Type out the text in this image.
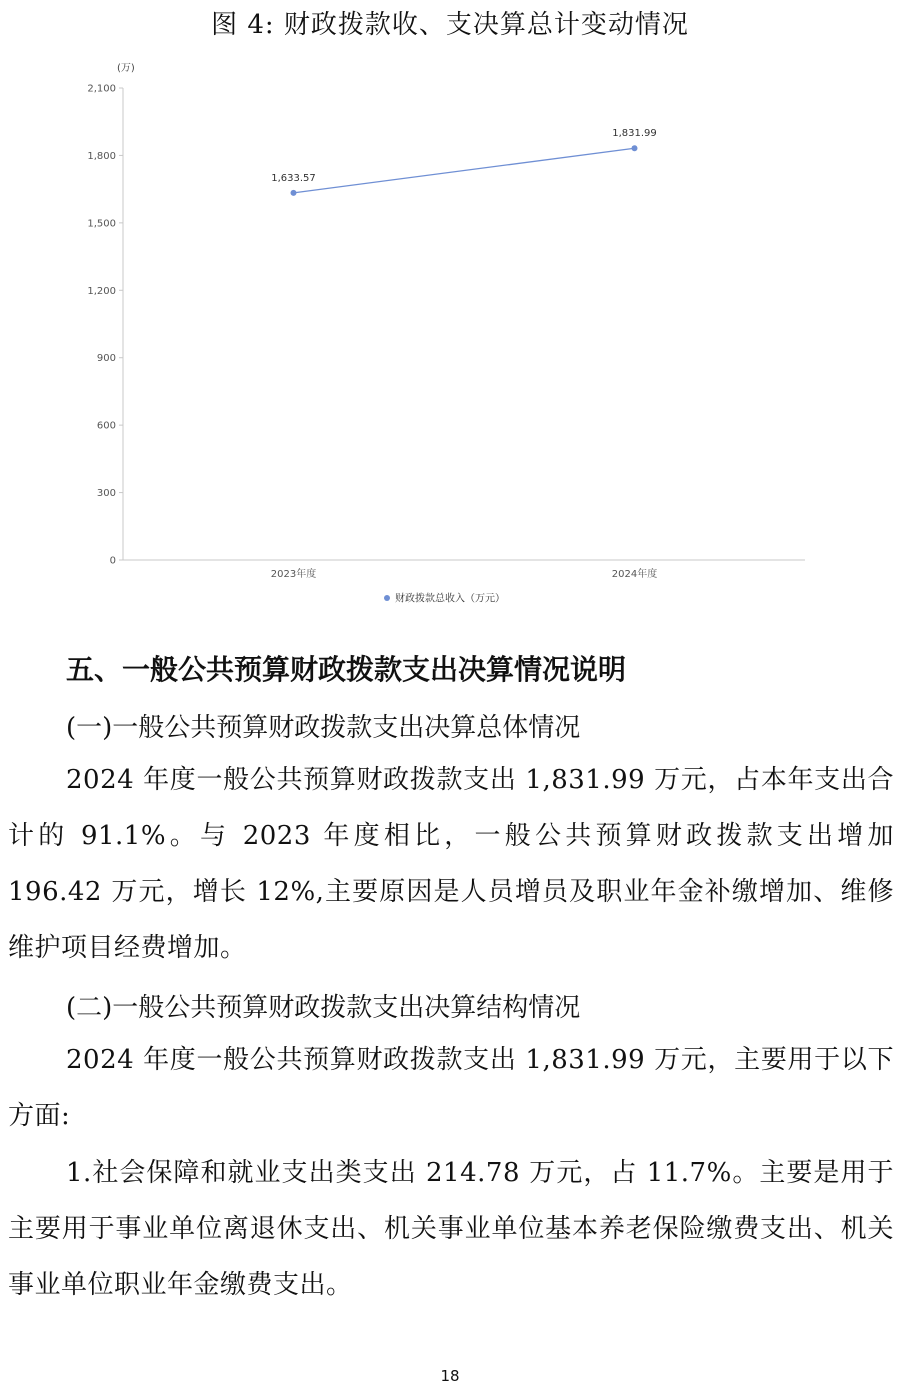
图 4: 财政拨款收、支决算总计变动情况
(万)
0
300
600
900
1,200
1,500
1,800
2,100
2023年度	2024年度
1,633.57
1,831.99
财政拨款总收入（万元）
五、一般公共预算财政拨款支出决算情况说明
(一)一般公共预算财政拨款支出决算总体情况

2024 年度一般公共预算财政拨款支出 1,831.99 万元，占本年支出合计的 91.1%。与 2023 年度相比，一般公共预算财政拨款支出增加 196.42 万元，增长 12%,主要原因是人员增员及职业年金补缴增加、维修维护项目经费增加。

(二)一般公共预算财政拨款支出决算结构情况

2024 年度一般公共预算财政拨款支出 1,831.99 万元，主要用于以下方面:

1.社会保障和就业支出类支出 214.78 万元，占 11.7%。主要是用于主要用于事业单位离退休支出、机关事业单位基本养老保险缴费支出、机关事业单位职业年金缴费支出。

18
